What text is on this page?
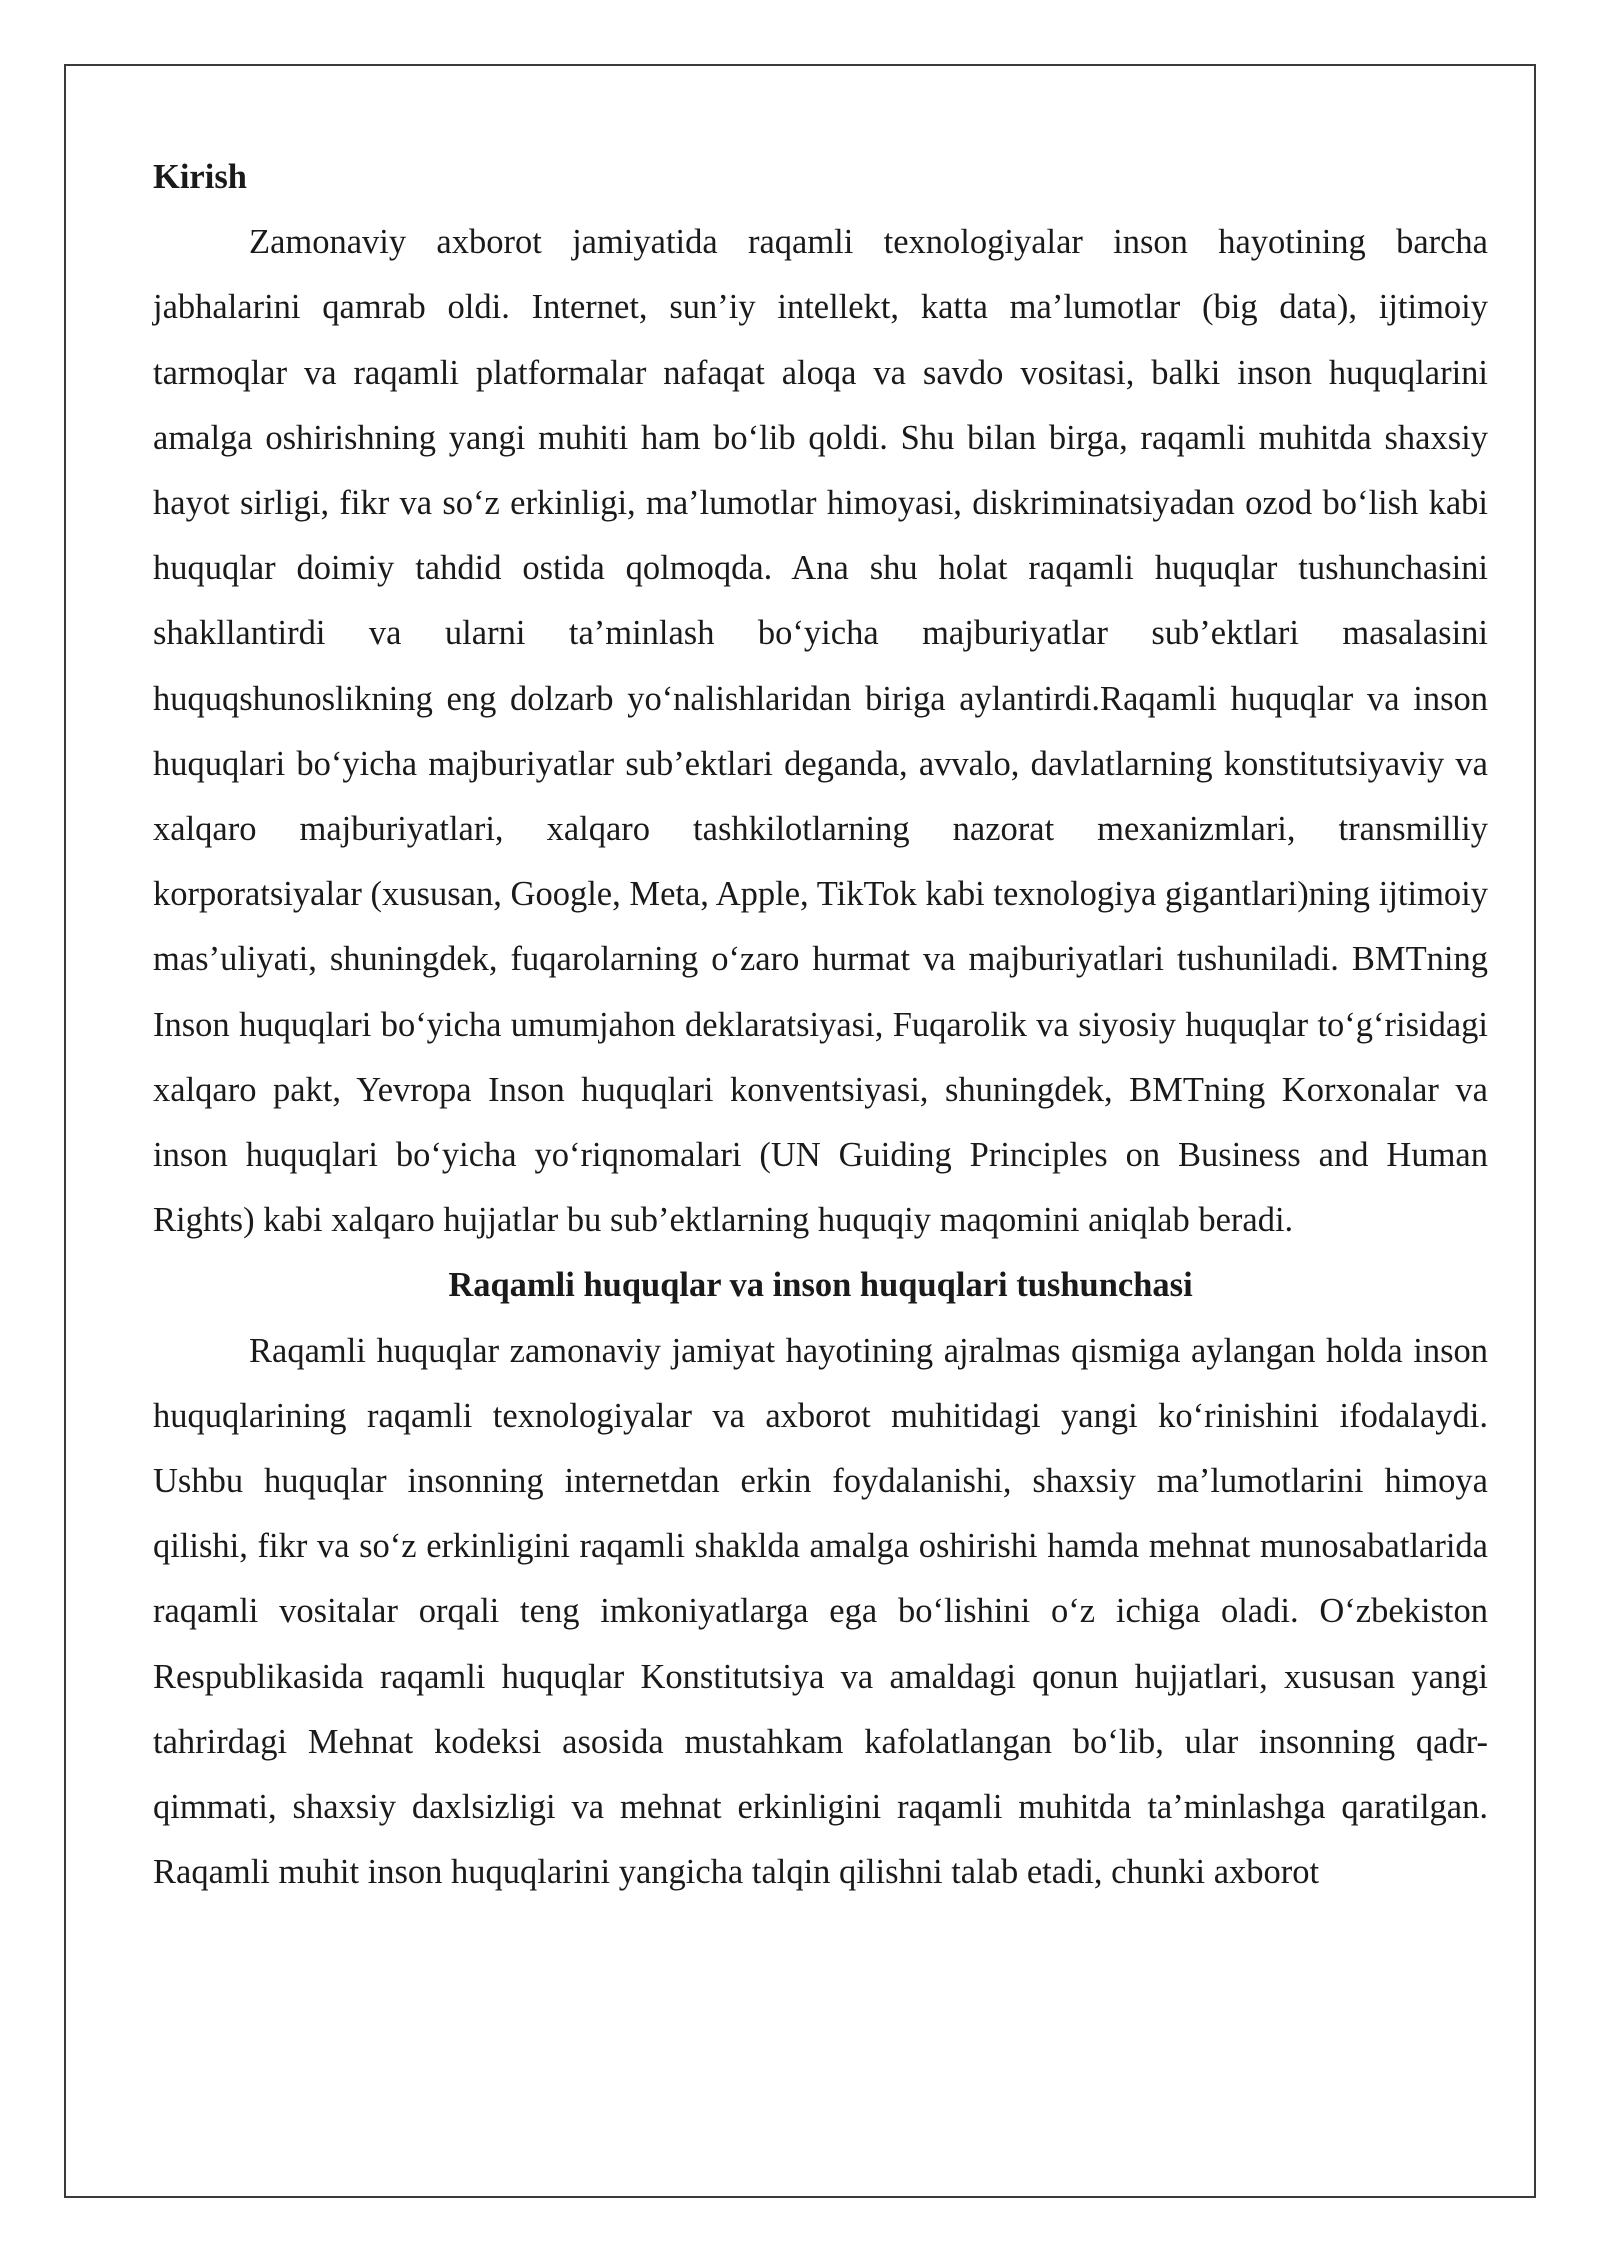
Kirish

Zamonaviy axborot jamiyatida raqamli texnologiyalar inson hayotining barcha jabhalarini qamrab oldi. Internet, sun’iy intellekt, katta ma’lumotlar (big data), ijtimoiy tarmoqlar va raqamli platformalar nafaqat aloqa va savdo vositasi, balki inson huquqlarini amalga oshirishning yangi muhiti ham bo‘lib qoldi. Shu bilan birga, raqamli muhitda shaxsiy hayot sirligi, fikr va so‘z erkinligi, ma’lumotlar himoyasi, diskriminatsiyadan ozod bo‘lish kabi huquqlar doimiy tahdid ostida qolmoqda. Ana shu holat raqamli huquqlar tushunchasini shakllantirdi va ularni ta’minlash bo‘yicha majburiyatlar sub’ektlari masalasini huquqshunoslikning eng dolzarb yo‘nalishlaridan biriga aylantirdi.Raqamli huquqlar va inson huquqlari bo‘yicha majburiyatlar sub’ektlari deganda, avvalo, davlatlarning konstitutsiyaviy va xalqaro majburiyatlari, xalqaro tashkilotlarning nazorat mexanizmlari, transmilliy korporatsiyalar (xususan, Google, Meta, Apple, TikTok kabi texnologiya gigantlari)ning ijtimoiy mas’uliyati, shuningdek, fuqarolarning o‘zaro hurmat va majburiyatlari tushuniladi. BMTning Inson huquqlari bo‘yicha umumjahon deklaratsiyasi, Fuqarolik va siyosiy huquqlar to‘g‘risidagi xalqaro pakt, Yevropa Inson huquqlari konventsiyasi, shuningdek, BMTning Korxonalar va inson huquqlari bo‘yicha yo‘riqnomalari (UN Guiding Principles on Business and Human Rights) kabi xalqaro hujjatlar bu sub’ektlarning huquqiy maqomini aniqlab beradi.

Raqamli huquqlar va inson huquqlari tushunchasi

Raqamli huquqlar zamonaviy jamiyat hayotining ajralmas qismiga aylangan holda inson huquqlarining raqamli texnologiyalar va axborot muhitidagi yangi ko‘rinishini ifodalaydi. Ushbu huquqlar insonning internetdan erkin foydalanishi, shaxsiy ma’lumotlarini himoya qilishi, fikr va so‘z erkinligini raqamli shaklda amalga oshirishi hamda mehnat munosabatlarida raqamli vositalar orqali teng imkoniyatlarga ega bo‘lishini o‘z ichiga oladi. O‘zbekiston Respublikasida raqamli huquqlar Konstitutsiya va amaldagi qonun hujjatlari, xususan yangi tahrirdagi Mehnat kodeksi asosida mustahkam kafolatlangan bo‘lib, ular insonning qadr-qimmati, shaxsiy daxlsizligi va mehnat erkinligini raqamli muhitda ta’minlashga qaratilgan. Raqamli muhit inson huquqlarini yangicha talqin qilishni talab etadi, chunki axborot
